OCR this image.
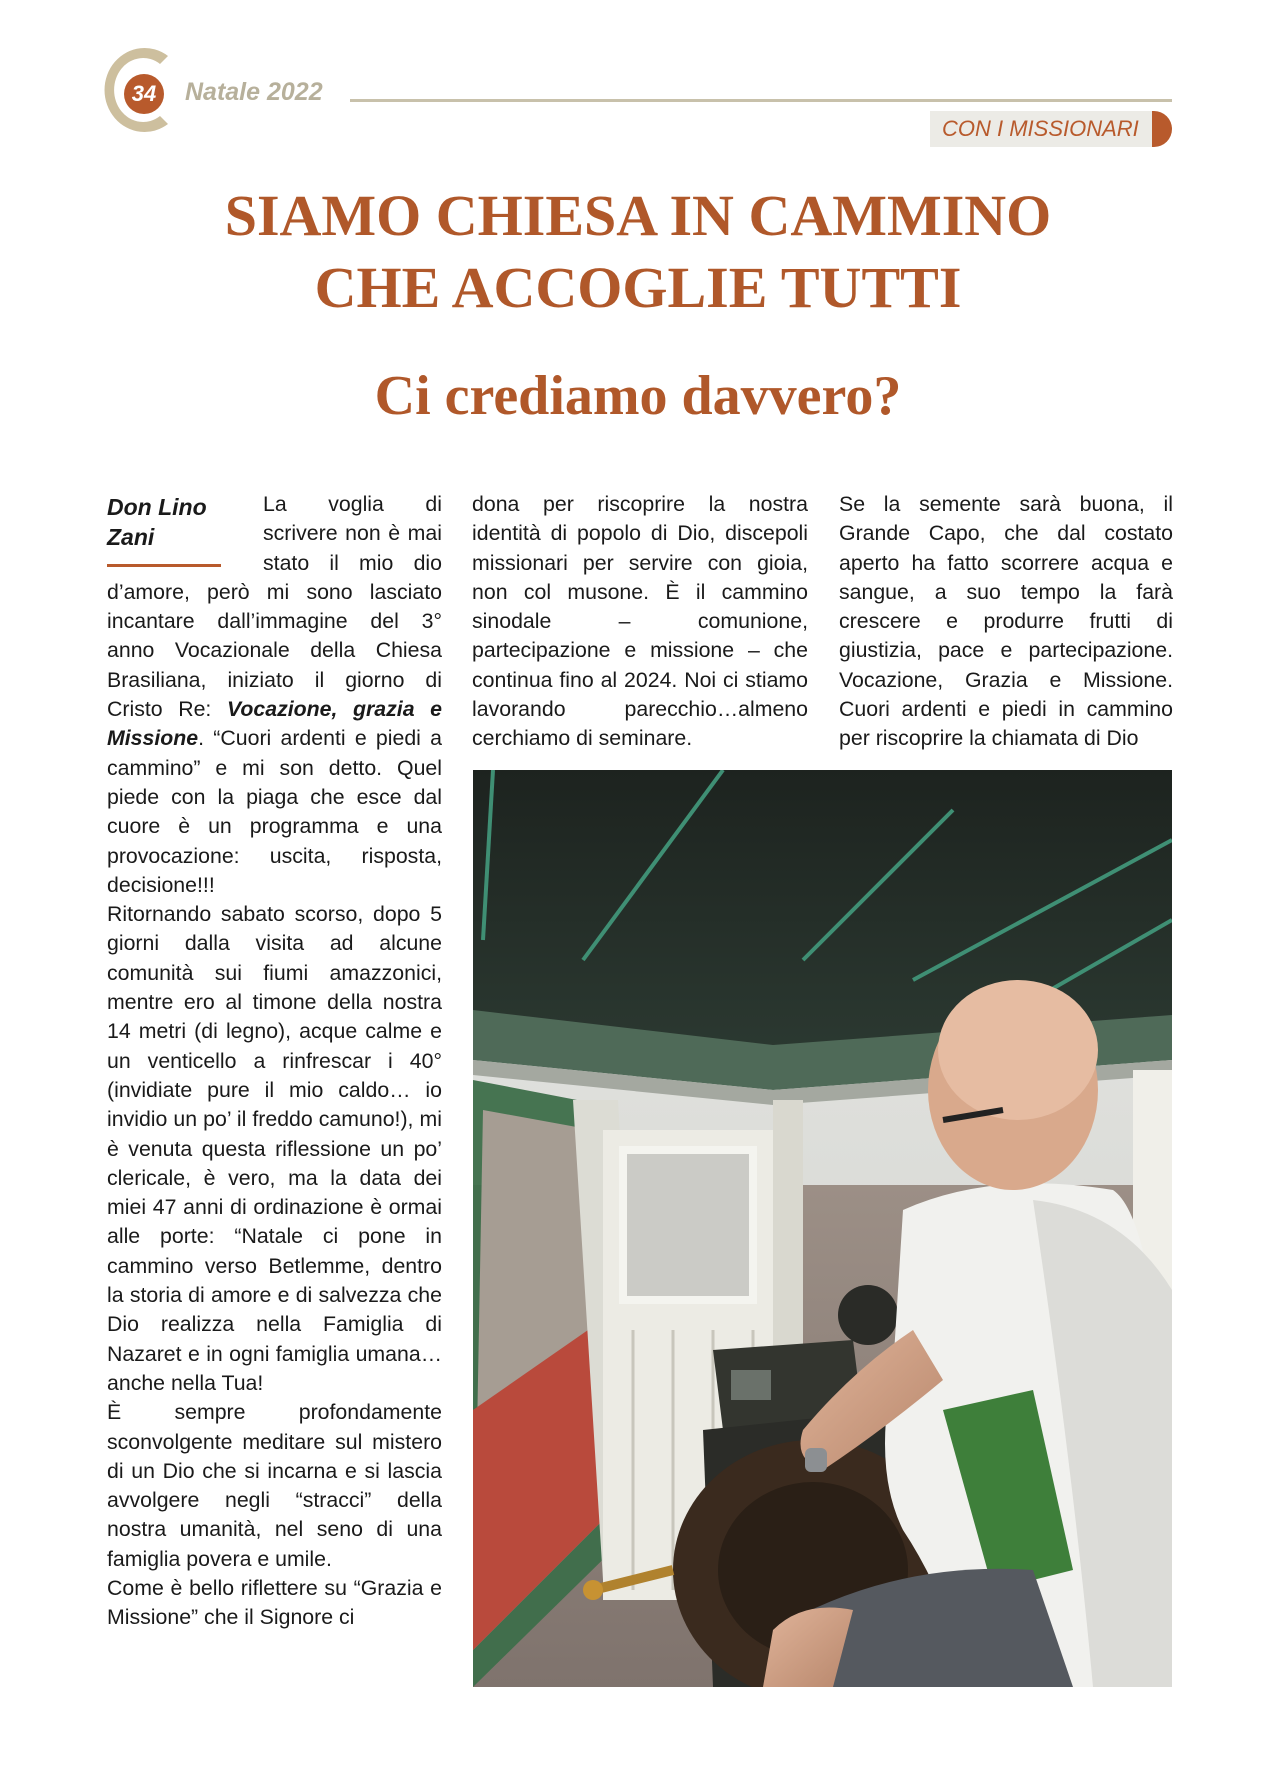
34	Natale 2022
CON I MISSIONARI
SIAMO CHIESA IN CAMMINO
CHE ACCOGLIE TUTTI
Ci crediamo davvero?
Don Lino Zani

La voglia di scrivere non è mai stato il mio dio d’amore, però mi sono lasciato incantare dall’immagine del 3° anno Vocazionale della Chiesa Brasiliana, iniziato il giorno di Cristo Re: Vocazione, grazia e Missione. “Cuori ardenti e piedi a cammino” e mi son detto. Quel piede con la piaga che esce dal cuore è un programma e una provocazione: uscita, risposta, decisione!!!

Ritornando sabato scorso, dopo 5 giorni dalla visita ad alcune comunità sui fiumi amazzonici, mentre ero al timone della nostra 14 metri (di legno), acque calme e un venticello a rinfrescar i 40° (invidiate pure il mio caldo… io invidio un po’ il freddo camuno!), mi è venuta questa riflessione un po’ clericale, è vero, ma la data dei miei 47 anni di ordinazione è ormai alle porte: “Natale ci pone in cammino verso Betlemme, dentro la storia di amore e di salvezza che Dio realizza nella Famiglia di Nazaret e in ogni famiglia umana… anche nella Tua!

È sempre profondamente sconvolgente meditare sul mistero di un Dio che si incarna e si lascia avvolgere negli “stracci” della nostra umanità, nel seno di una famiglia povera e umile.

Come è bello riflettere su “Grazia e Missione” che il Signore ci

dona per riscoprire la nostra identità di popolo di Dio, discepoli missionari per servire con gioia, non col musone. È il cammino sinodale – comunione, partecipazione e missione – che continua fino al 2024. Noi ci stiamo lavorando parecchio…almeno cerchiamo di seminare.

Se la semente sarà buona, il Grande Capo, che dal costato aperto ha fatto scorrere acqua e sangue, a suo tempo la farà crescere e produrre frutti di giustizia, pace e partecipazione. Vocazione, Grazia e Missione. Cuori ardenti e piedi in cammino per riscoprire la chiamata di Dio
